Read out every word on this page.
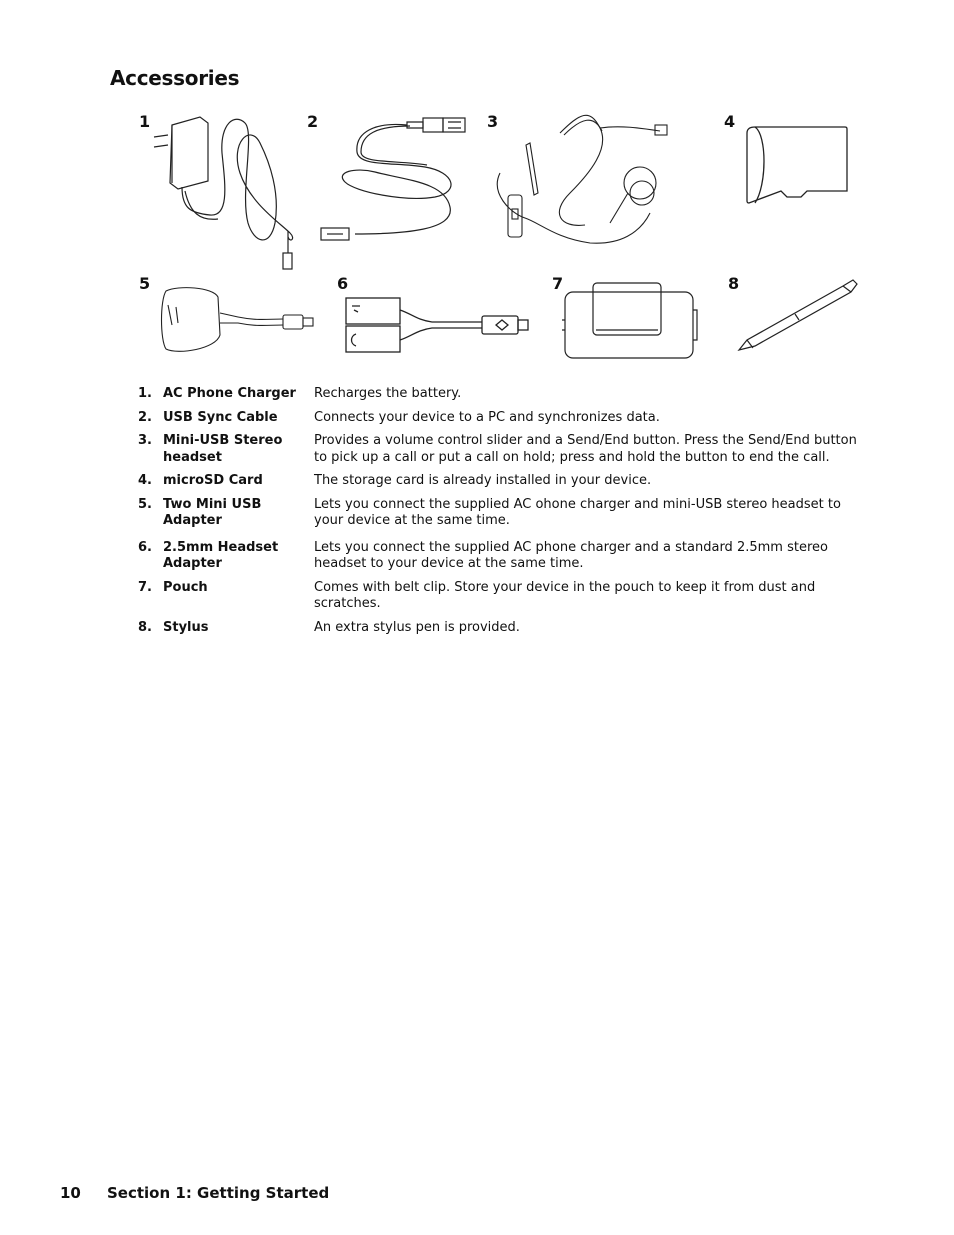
Accessories
1	2	3	4
5	6	7	8
1.	AC Phone Charger	Recharges the battery.
2.	USB Sync Cable	Connects your device to a PC and synchronizes data.
3.	Mini-USB Stereo headset	Provides a volume control slider and a Send/End button. Press the Send/End button to pick up a call or put a call on hold; press and hold the button to end the call.
4.	microSD Card	The storage card is already installed in your device.
5.	Two Mini USB Adapter	Lets you connect the supplied AC ohone charger and mini-USB stereo headset to your device at the same time.
6.	2.5mm Headset Adapter	Lets you connect the supplied AC phone charger and a standard 2.5mm stereo headset to your device at the same time.
7.	Pouch	Comes with belt clip. Store your device in the pouch to keep it from dust and scratches.
8.	Stylus	An extra stylus pen is provided.
10 Section 1: Getting Started
